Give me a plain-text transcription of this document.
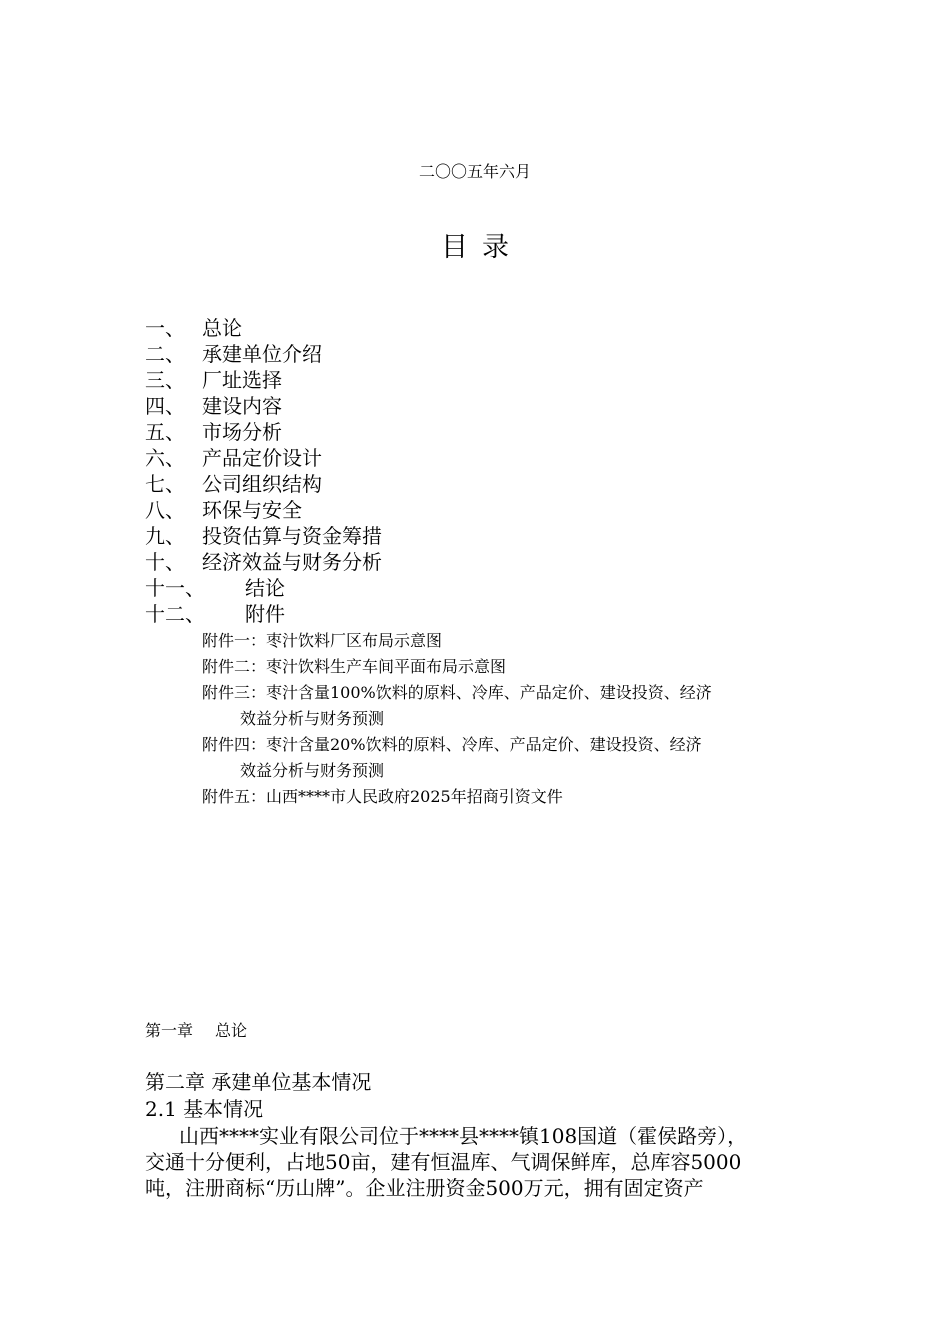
二〇〇五年六月
目录
一、 总论
二、 承建单位介绍
三、 厂址选择
四、 建设内容
五、 市场分析
六、 产品定价设计
七、 公司组织结构
八、 环保与安全
九、 投资估算与资金筹措
十、 经济效益与财务分析
十一、	结论
十二、	附件
附件一：枣汁饮料厂区布局示意图
附件二：枣汁饮料生产车间平面布局示意图
附件三：枣汁含量100%饮料的原料、冷库、产品定价、建设投资、经济
效益分析与财务预测
附件四：枣汁含量20%饮料的原料、冷库、产品定价、建设投资、经济
效益分析与财务预测
附件五：山西****市人民政府2025年招商引资文件
第一章 总论
第二章 承建单位基本情况
2.1 基本情况
山西****实业有限公司位于****县****镇108国道（霍侯路旁），
交通十分便利，占地50亩，建有恒温库、气调保鲜库，总库容5000
吨，注册商标“历山牌”。企业注册资金500万元，拥有固定资产
